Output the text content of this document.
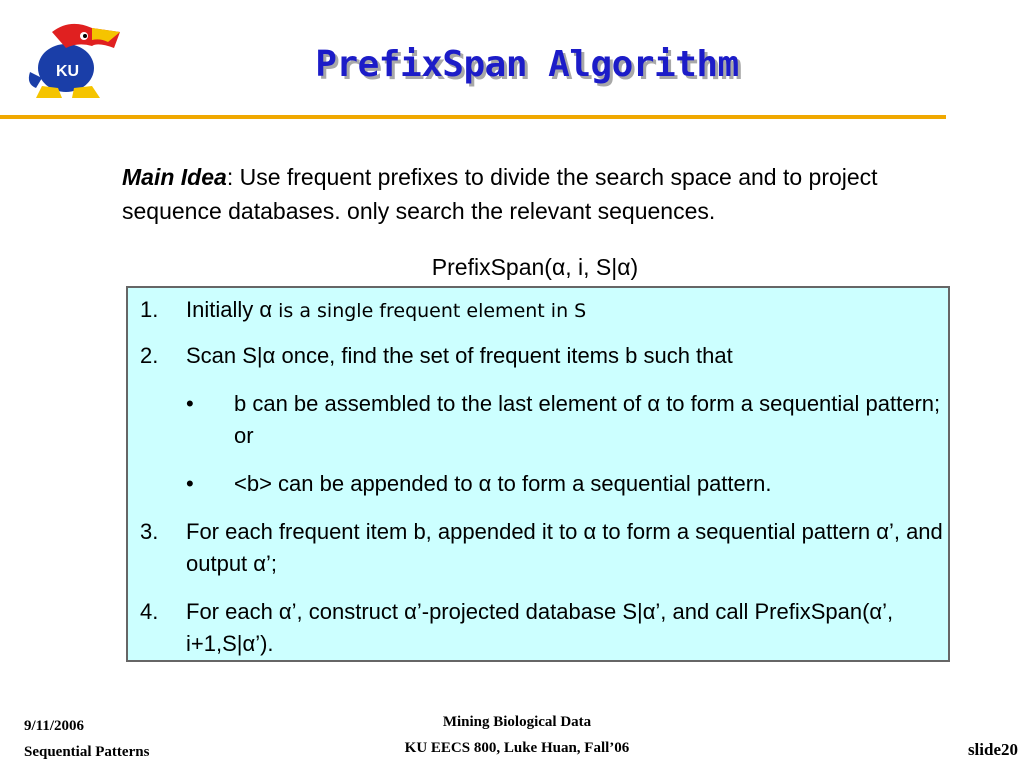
KU	PrefixSpan Algorithm
Main Idea: Use frequent prefixes to divide the search space and to project sequence databases. only search the relevant sequences.
PrefixSpan(α, i, S|α)
1. Initially α is a single frequent element in S
2. Scan S|α once, find the set of frequent items b such that
• b can be assembled to the last element of α to form a sequential pattern; or
• <b> can be appended to α to form a sequential pattern.
3. For each frequent item b, appended it to α to form a sequential pattern α’, and output α’;
4. For each α’, construct α’-projected database S|α’, and call PrefixSpan(α’, i+1,S|α’).
9/11/2006
Sequential Patterns
Mining Biological Data
KU EECS 800, Luke Huan, Fall’06	slide20
